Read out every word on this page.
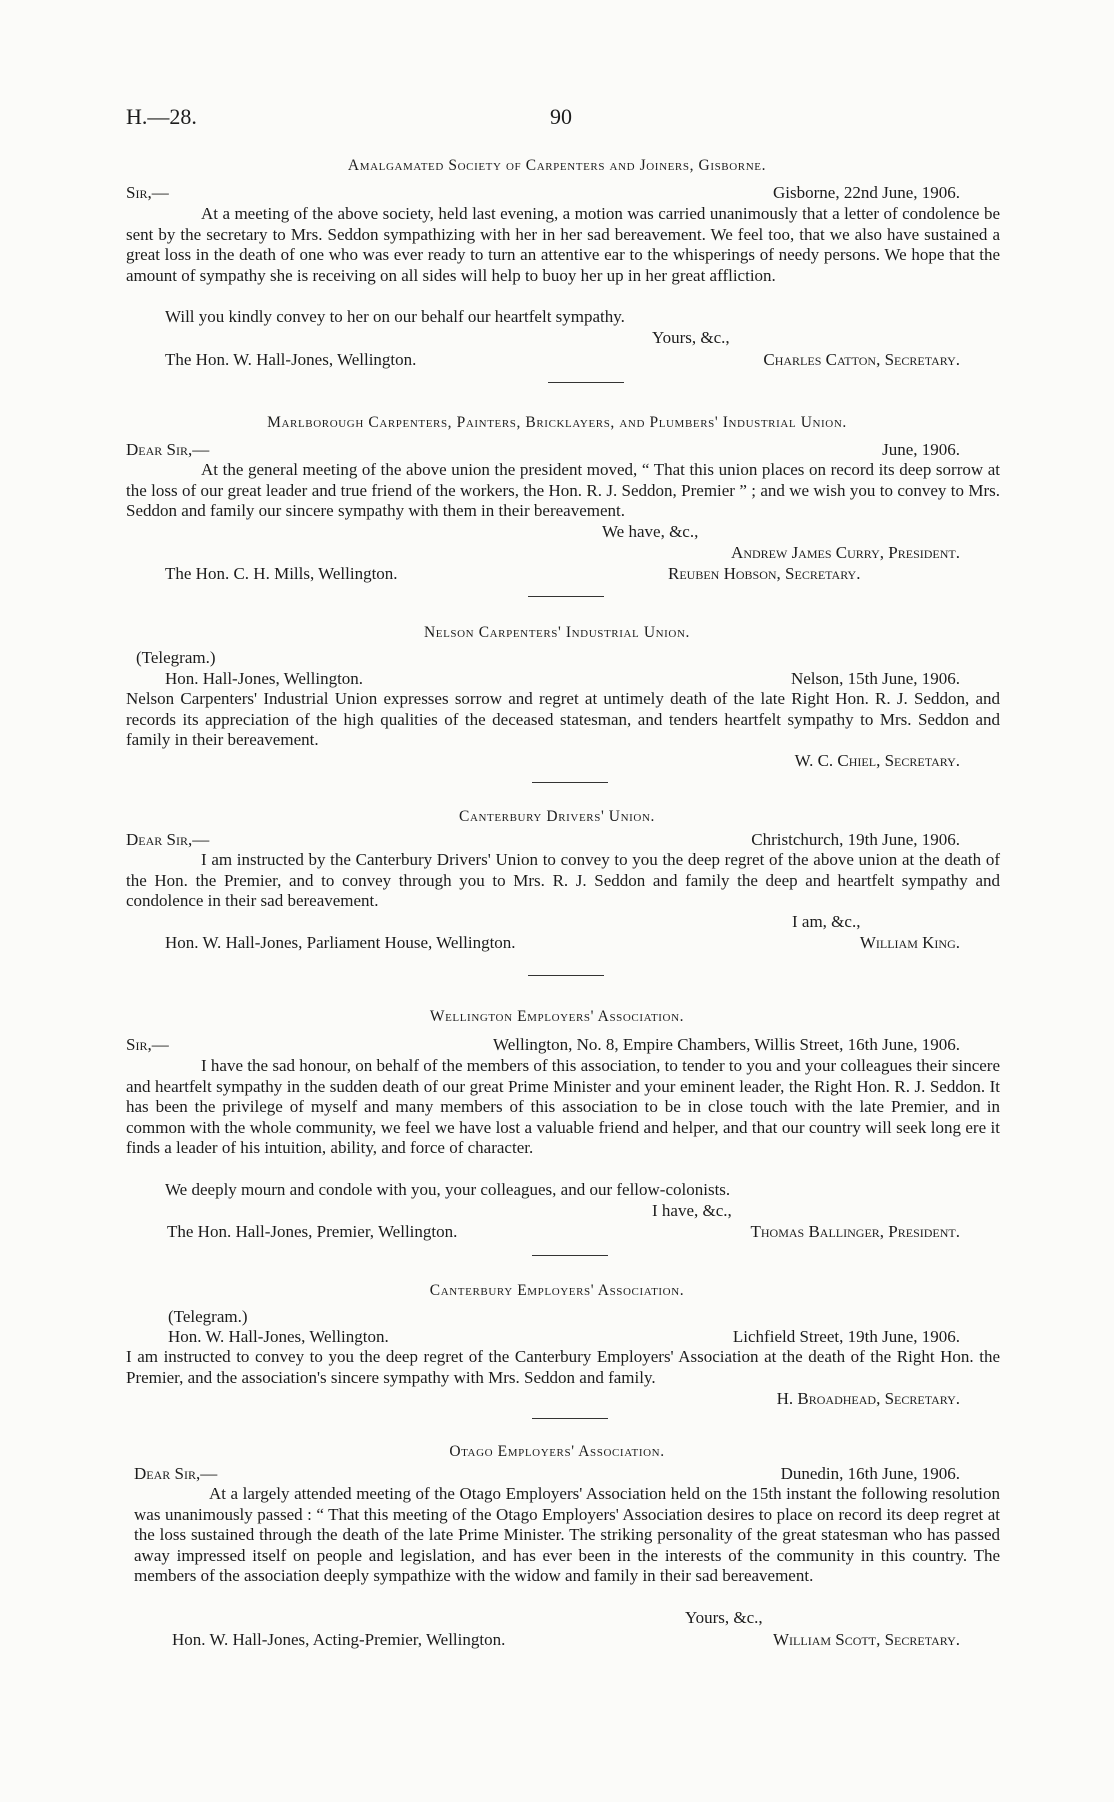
H.—28.	90
Amalgamated Society of Carpenters and Joiners, Gisborne.
Sir,—	Gisborne, 22nd June, 1906.
At a meeting of the above society, held last evening, a motion was carried unanimously that a letter of condolence be sent by the secretary to Mrs. Seddon sympathizing with her in her sad bereavement. We feel too, that we also have sustained a great loss in the death of one who was ever ready to turn an attentive ear to the whisperings of needy persons. We hope that the amount of sympathy she is receiving on all sides will help to buoy her up in her great affliction.
Will you kindly convey to her on our behalf our heartfelt sympathy.
Yours, &c.,
The Hon. W. Hall-Jones, Wellington.	Charles Catton, Secretary.
Marlborough Carpenters, Painters, Bricklayers, and Plumbers' Industrial Union.
Dear Sir,—	June, 1906.
At the general meeting of the above union the president moved, “ That this union places on record its deep sorrow at the loss of our great leader and true friend of the workers, the Hon. R. J. Seddon, Premier ” ; and we wish you to convey to Mrs. Seddon and family our sincere sympathy with them in their bereavement.
We have, &c.,
Andrew James Curry, President.
The Hon. C. H. Mills, Wellington.	Reuben Hobson, Secretary.
Nelson Carpenters' Industrial Union.
(Telegram.)
Hon. Hall-Jones, Wellington.	Nelson, 15th June, 1906.
Nelson Carpenters' Industrial Union expresses sorrow and regret at untimely death of the late Right Hon. R. J. Seddon, and records its appreciation of the high qualities of the deceased statesman, and tenders heartfelt sympathy to Mrs. Seddon and family in their bereavement.
W. C. Chiel, Secretary.
Canterbury Drivers' Union.
Dear Sir,—	Christchurch, 19th June, 1906.
I am instructed by the Canterbury Drivers' Union to convey to you the deep regret of the above union at the death of the Hon. the Premier, and to convey through you to Mrs. R. J. Seddon and family the deep and heartfelt sympathy and condolence in their sad bereavement.
I am, &c.,
Hon. W. Hall-Jones, Parliament House, Wellington.	William King.
Wellington Employers' Association.
Sir,—	Wellington, No. 8, Empire Chambers, Willis Street, 16th June, 1906.
I have the sad honour, on behalf of the members of this association, to tender to you and your colleagues their sincere and heartfelt sympathy in the sudden death of our great Prime Minister and your eminent leader, the Right Hon. R. J. Seddon. It has been the privilege of myself and many members of this association to be in close touch with the late Premier, and in common with the whole community, we feel we have lost a valuable friend and helper, and that our country will seek long ere it finds a leader of his intuition, ability, and force of character.
We deeply mourn and condole with you, your colleagues, and our fellow-colonists.
I have, &c.,
The Hon. Hall-Jones, Premier, Wellington.	Thomas Ballinger, President.
Canterbury Employers' Association.
(Telegram.)
Hon. W. Hall-Jones, Wellington.	Lichfield Street, 19th June, 1906.
I am instructed to convey to you the deep regret of the Canterbury Employers' Association at the death of the Right Hon. the Premier, and the association's sincere sympathy with Mrs. Seddon and family.
H. Broadhead, Secretary.
Otago Employers' Association.
Dear Sir,—	Dunedin, 16th June, 1906.
At a largely attended meeting of the Otago Employers' Association held on the 15th instant the following resolution was unanimously passed : “ That this meeting of the Otago Employers' Association desires to place on record its deep regret at the loss sustained through the death of the late Prime Minister. The striking personality of the great statesman who has passed away impressed itself on people and legislation, and has ever been in the interests of the community in this country. The members of the association deeply sympathize with the widow and family in their sad bereavement.
Yours, &c.,
Hon. W. Hall-Jones, Acting-Premier, Wellington.	William Scott, Secretary.
